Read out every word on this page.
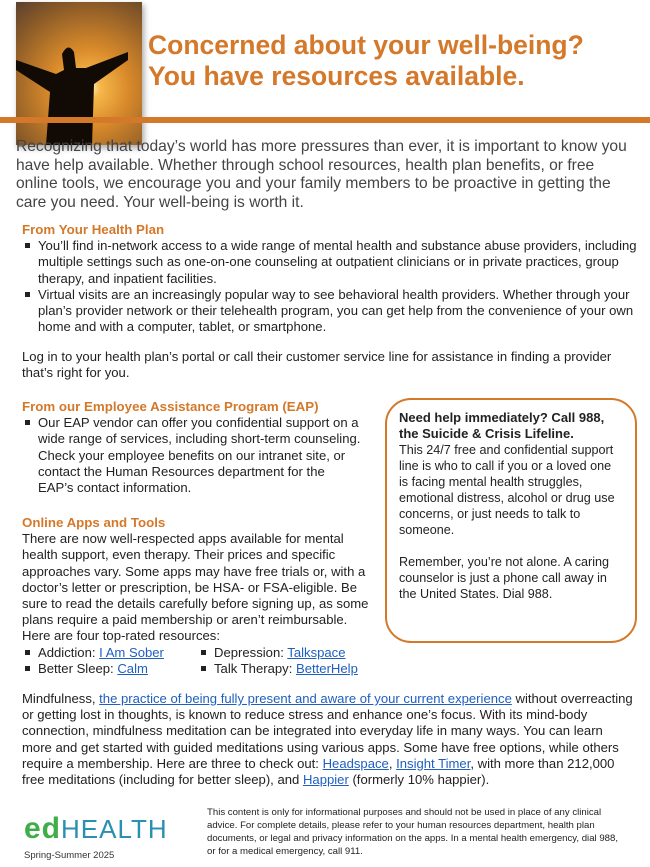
Concerned about your well-being?
You have resources available.

Recognizing that today’s world has more pressures than ever, it is important to know you have help available. Whether through school resources, health plan benefits, or free online tools, we encourage you and your family members to be proactive in getting the care you need. Your well-being is worth it.

From Your Health Plan
You’ll find in-network access to a wide range of mental health and substance abuse providers, including multiple settings such as one-on-one counseling at outpatient clinicians or in private practices, group therapy, and inpatient facilities.
Virtual visits are an increasingly popular way to see behavioral health providers. Whether through your plan’s provider network or their telehealth program, you can get help from the convenience of your own home and with a computer, tablet, or smartphone.

Log in to your health plan’s portal or call their customer service line for assistance in finding a provider that’s right for you.

From our Employee Assistance Program (EAP)
Our EAP vendor can offer you confidential support on a wide range of services, including short-term counseling. Check your employee benefits on our intranet site, or contact the Human Resources department for the EAP’s contact information.
Online Apps and Tools

There are now well-respected apps available for mental health support, even therapy. Their prices and specific approaches vary. Some apps may have free trials or, with a doctor’s letter or prescription, be HSA- or FSA-eligible. Be sure to read the details carefully before signing up, as some plans require a paid membership or aren’t reimbursable. Here are four top-rated resources:

Addiction: I Am Sober	Depression: Talkspace
Better Sleep: Calm	Talk Therapy: BetterHelp
Need help immediately? Call 988, the Suicide & Crisis Lifeline.

This 24/7 free and confidential support line is who to call if you or a loved one is facing mental health struggles, emotional distress, alcohol or drug use concerns, or just needs to talk to someone.

Remember, you’re not alone. A caring counselor is just a phone call away in the United States. Dial 988.

Mindfulness, the practice of being fully present and aware of your current experience without overreacting or getting lost in thoughts, is known to reduce stress and enhance one’s focus. With its mind-body connection, mindfulness meditation can be integrated into everyday life in many ways. You can learn more and get started with guided meditations using various apps. Some have free options, while others require a membership. Here are three to check out: Headspace, Insight Timer, with more than 212,000 free meditations (including for better sleep), and Happier (formerly 10% happier).

edHEALTH
Spring-Summer 2025

This content is only for informational purposes and should not be used in place of any clinical advice. For complete details, please refer to your human resources department, health plan documents, or legal and privacy information on the apps. In a mental health emergency, dial 988, or for a medical emergency, call 911.
